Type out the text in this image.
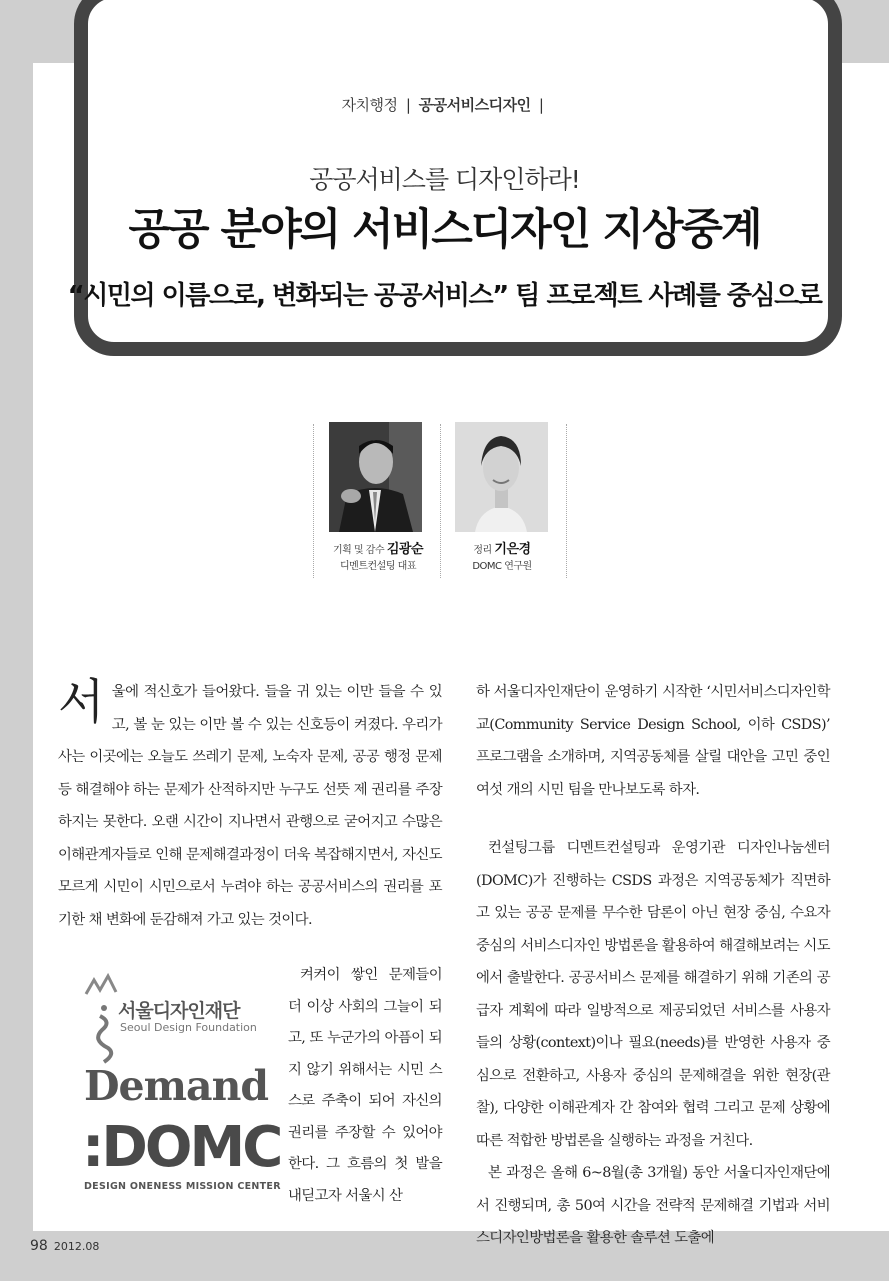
자치행정 | 공공서비스디자인 |
공공서비스를 디자인하라!
공공 분야의 서비스디자인 지상중계
“시민의 이름으로, 변화되는 공공서비스” 팀 프로젝트 사례를 중심으로
기획 및 감수 김광순
디멘트컨설팅 대표
정리 기은경
DOMC 연구원
서 울에 적신호가 들어왔다. 들을 귀 있는 이만 들을 수 있고, 볼 눈 있는 이만 볼 수 있는 신호등이 켜졌다. 우리가 사는 이곳에는 오늘도 쓰레기 문제, 노숙자 문제, 공공 행정 문제 등 해결해야 하는 문제가 산적하지만 누구도 선뜻 제 권리를 주장하지는 못한다. 오랜 시간이 지나면서 관행으로 굳어지고 수많은 이해관계자들로 인해 문제해결과정이 더욱 복잡해지면서, 자신도 모르게 시민이 시민으로서 누려야 하는 공공서비스의 권리를 포기한 채 변화에 둔감해져 가고 있는 것이다.
서울디자인재단
Seoul Design Foundation
Demand
:DOMC
DESIGN ONENESS MISSION CENTER
켜켜이 쌓인 문제들이 더 이상 사회의 그늘이 되고, 또 누군가의 아픔이 되지 않기 위해서는 시민 스스로 주축이 되어 자신의 권리를 주장할 수 있어야 한다. 그 흐름의 첫 발을 내딛고자 서울시 산

하 서울디자인재단이 운영하기 시작한 ‘시민서비스디자인학교(Community Service Design School, 이하 CSDS)’ 프로그램을 소개하며, 지역공동체를 살릴 대안을 고민 중인 여섯 개의 시민 팀을 만나보도록 하자.

컨설팅그룹 디멘트컨설팅과 운영기관 디자인나눔센터(DOMC)가 진행하는 CSDS 과정은 지역공동체가 직면하고 있는 공공 문제를 무수한 담론이 아닌 현장 중심, 수요자 중심의 서비스디자인 방법론을 활용하여 해결해보려는 시도에서 출발한다. 공공서비스 문제를 해결하기 위해 기존의 공급자 계획에 따라 일방적으로 제공되었던 서비스를 사용자들의 상황(context)이나 필요(needs)를 반영한 사용자 중심으로 전환하고, 사용자 중심의 문제해결을 위한 현장(관찰), 다양한 이해관계자 간 참여와 협력 그리고 문제 상황에 따른 적합한 방법론을 실행하는 과정을 거친다.

본 과정은 올해 6~8월(총 3개월) 동안 서울디자인재단에서 진행되며, 총 50여 시간을 전략적 문제해결 기법과 서비스디자인방법론을 활용한 솔루션 도출에

98 2012.08
